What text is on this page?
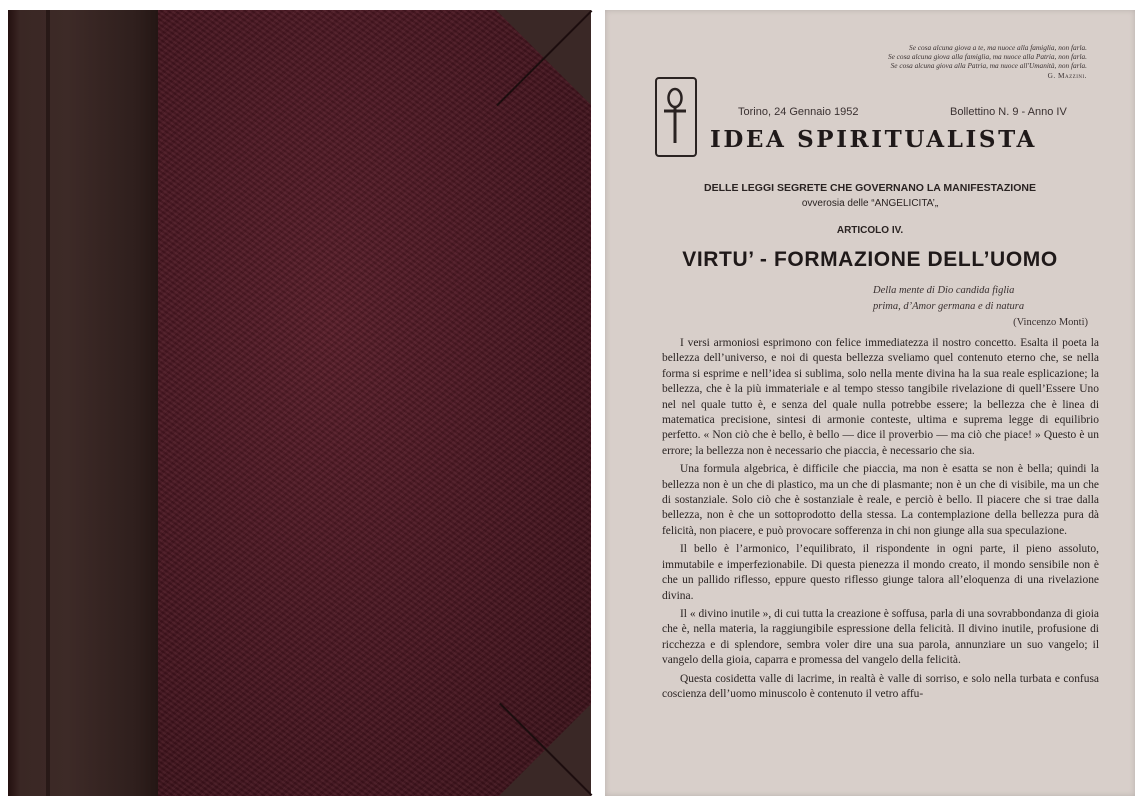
Se cosa alcuna giova a te, ma nuoce alla famiglia, non farla.
Se cosa alcuna giova alla famiglia, ma nuoce alla Patria, non farla.
Se cosa alcuna giova alla Patria, ma nuoce all'Umanità, non farla.
G. Mazzini.
Torino, 24 Gennaio 1952	Bollettino N. 9 - Anno IV
IDEA SPIRITUALISTA
DELLE LEGGI SEGRETE CHE GOVERNANO LA MANIFESTAZIONE
ovverosia delle “ANGELICITA’„
ARTICOLO IV.
VIRTU’ - FORMAZIONE DELL’UOMO
Della mente di Dio candida figlia
prima, d’Amor germana e di natura
(Vincenzo Monti)

I versi armoniosi esprimono con felice immediatezza il nostro concetto. Esalta il poeta la bellezza dell’universo, e noi di questa bellezza sveliamo quel contenuto eterno che, se nella forma si esprime e nell’idea si sublima, solo nella mente divina ha la sua reale esplicazione; la bellezza, che è la più immateriale e al tempo stesso tangibile rivelazione di quell’Essere Uno nel nel quale tutto è, e senza del quale nulla potrebbe essere; la bellezza che è linea di matematica precisione, sintesi di armonie conteste, ultima e suprema legge di equilibrio perfetto. « Non ciò che è bello, è bello — dice il proverbio — ma ciò che piace! » Questo è un errore; la bellezza non è necessario che piaccia, è necessario che sia.

Una formula algebrica, è difficile che piaccia, ma non è esatta se non è bella; quindi la bellezza non è un che di plastico, ma un che di plasmante; non è un che di visibile, ma un che di sostanziale. Solo ciò che è sostanziale è reale, e perciò è bello. Il piacere che si trae dalla bellezza, non è che un sottoprodotto della stessa. La contemplazione della bellezza pura dà felicità, non piacere, e può provocare sofferenza in chi non giunge alla sua speculazione.

Il bello è l’armonico, l’equilibrato, il rispondente in ogni parte, il pieno assoluto, immutabile e imperfezionabile. Di questa pienezza il mondo creato, il mondo sensibile non è che un pallido riflesso, eppure questo riflesso giunge talora all’eloquenza di una rivelazione divina.

Il « divino inutile », di cui tutta la creazione è soffusa, parla di una sovrabbondanza di gioia che è, nella materia, la raggiungibile espressione della felicità. Il divino inutile, profusione di ricchezza e di splendore, sembra voler dire una sua parola, annunziare un suo vangelo; il vangelo della gioia, caparra e promessa del vangelo della felicità.

Questa cosidetta valle di lacrime, in realtà è valle di sorriso, e solo nella turbata e confusa coscienza dell’uomo minuscolo è contenuto il vetro affu-
